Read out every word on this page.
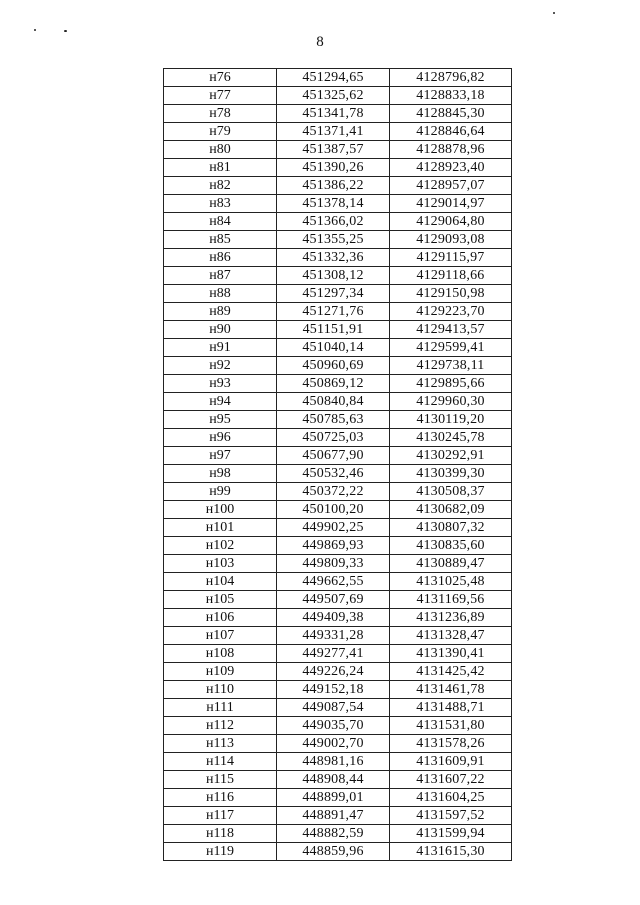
8
н76	451294,65	4128796,82
н77	451325,62	4128833,18
н78	451341,78	4128845,30
н79	451371,41	4128846,64
н80	451387,57	4128878,96
н81	451390,26	4128923,40
н82	451386,22	4128957,07
н83	451378,14	4129014,97
н84	451366,02	4129064,80
н85	451355,25	4129093,08
н86	451332,36	4129115,97
н87	451308,12	4129118,66
н88	451297,34	4129150,98
н89	451271,76	4129223,70
н90	451151,91	4129413,57
н91	451040,14	4129599,41
н92	450960,69	4129738,11
н93	450869,12	4129895,66
н94	450840,84	4129960,30
н95	450785,63	4130119,20
н96	450725,03	4130245,78
н97	450677,90	4130292,91
н98	450532,46	4130399,30
н99	450372,22	4130508,37
н100	450100,20	4130682,09
н101	449902,25	4130807,32
н102	449869,93	4130835,60
н103	449809,33	4130889,47
н104	449662,55	4131025,48
н105	449507,69	4131169,56
н106	449409,38	4131236,89
н107	449331,28	4131328,47
н108	449277,41	4131390,41
н109	449226,24	4131425,42
н110	449152,18	4131461,78
н111	449087,54	4131488,71
н112	449035,70	4131531,80
н113	449002,70	4131578,26
н114	448981,16	4131609,91
н115	448908,44	4131607,22
н116	448899,01	4131604,25
н117	448891,47	4131597,52
н118	448882,59	4131599,94
н119	448859,96	4131615,30
